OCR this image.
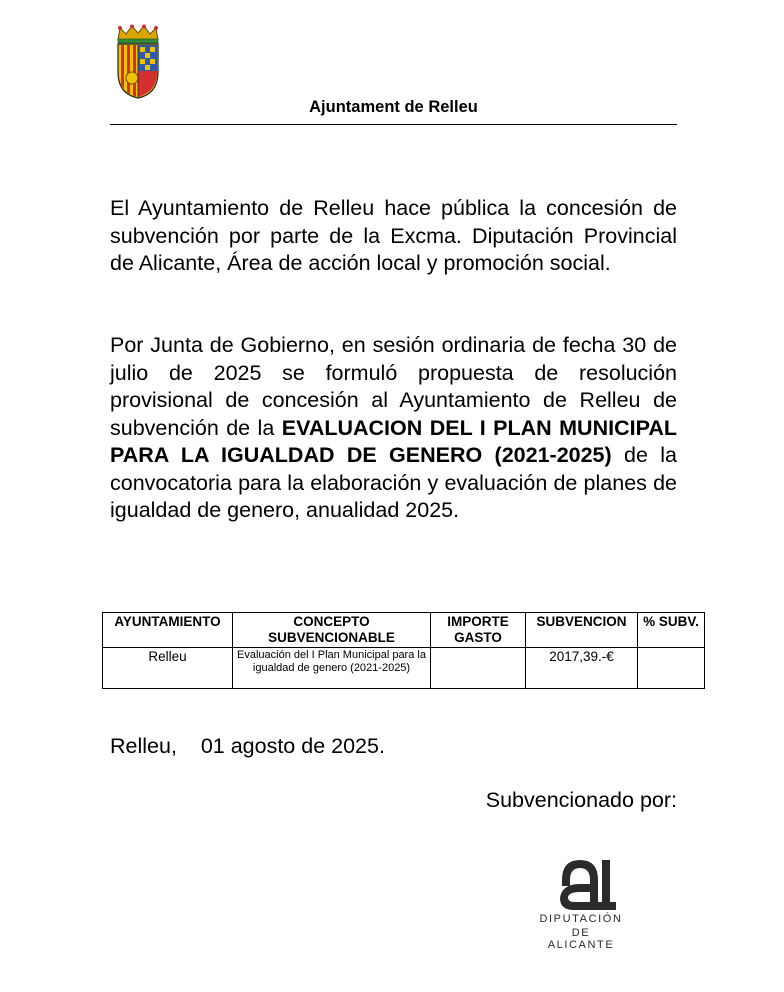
Ajuntament de Relleu

El Ayuntamiento de Relleu hace pública la concesión de subvención por parte de la Excma. Diputación Provincial de Alicante, Área de acción local y promoción social.

Por Junta de Gobierno, en sesión ordinaria de fecha 30 de julio de 2025 se formuló propuesta de resolución provisional de concesión al Ayuntamiento de Relleu de subvención de la EVALUACION DEL I PLAN MUNICIPAL PARA LA IGUALDAD DE GENERO (2021-2025) de la convocatoria para la elaboración y evaluación de planes de igualdad de genero, anualidad 2025.

AYUNTAMIENTO	CONCEPTO SUBVENCIONABLE	IMPORTE GASTO	SUBVENCION	% SUBV.
Relleu	Evaluación del I Plan Municipal para la igualdad de genero (2021-2025)		2017,39.-€	
Relleu,    01 agosto de 2025.
Subvencionado por:
DIPUTACIÓN
DE ALICANTE
